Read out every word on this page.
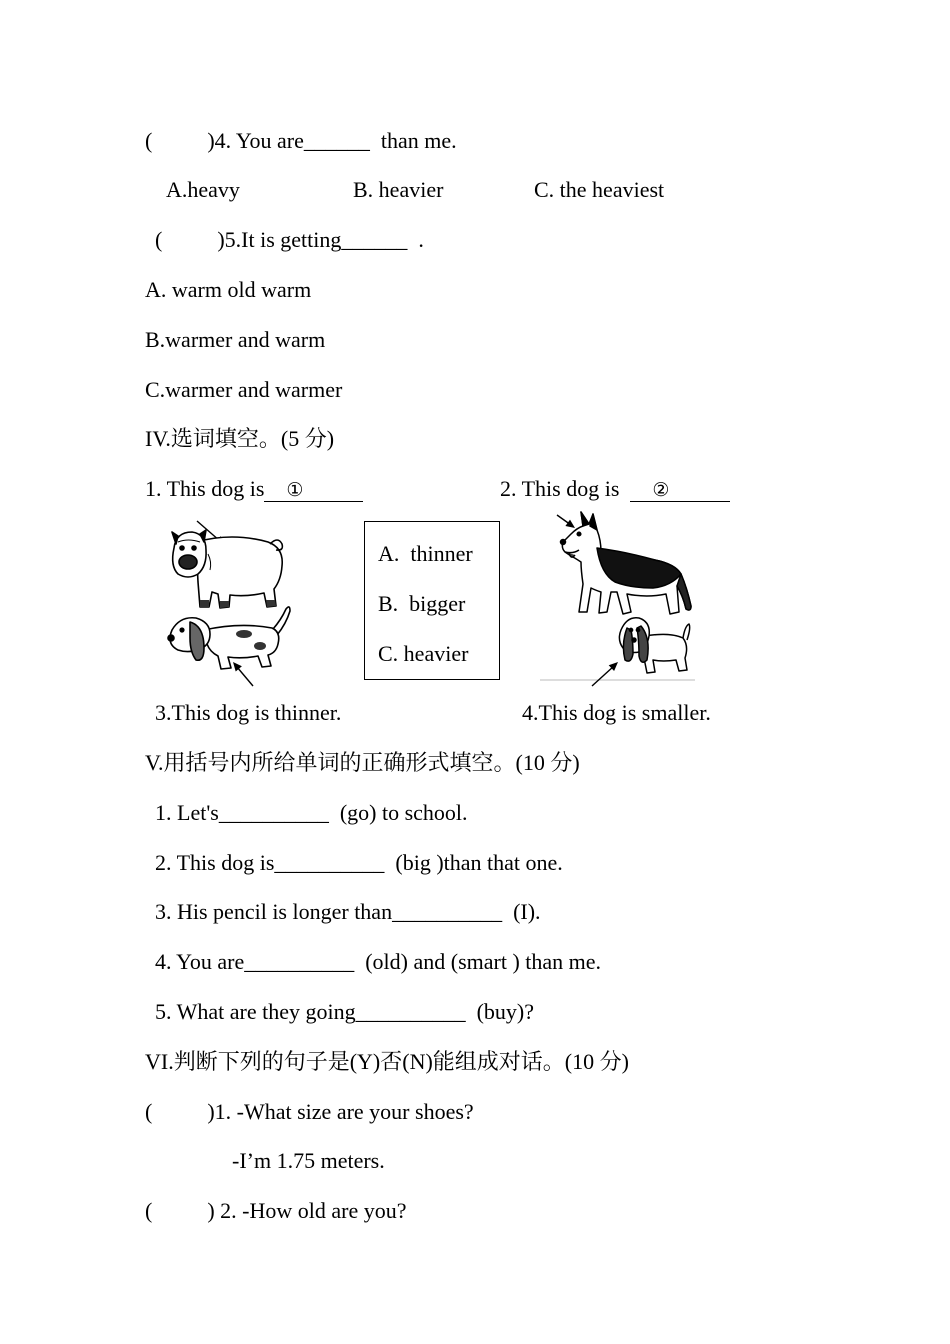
(          )4. You are______  than me.
A.heavy	B. heavier	C. the heaviest
(          )5.It is getting______  .
A. warm old warm
B.warmer and warm
C.warmer and warmer
IV.选词填空。(5 分)
1. This dog is ①	2. This dog is  ②
A.  thinner
B.  bigger
C. heavier
3.This dog is thinner.	4.This dog is smaller.
V.用括号内所给单词的正确形式填空。(10 分)
1. Let's__________  (go) to school.
2. This dog is__________  (big )than that one.
3. His pencil is longer than__________  (I).
4. You are__________  (old) and (smart ) than me.
5. What are they going__________  (buy)?
VI.判断下列的句子是(Y)否(N)能组成对话。(10 分)
(          )1. -What size are your shoes?
-I’m 1.75 meters.
(          ) 2. -How old are you?
